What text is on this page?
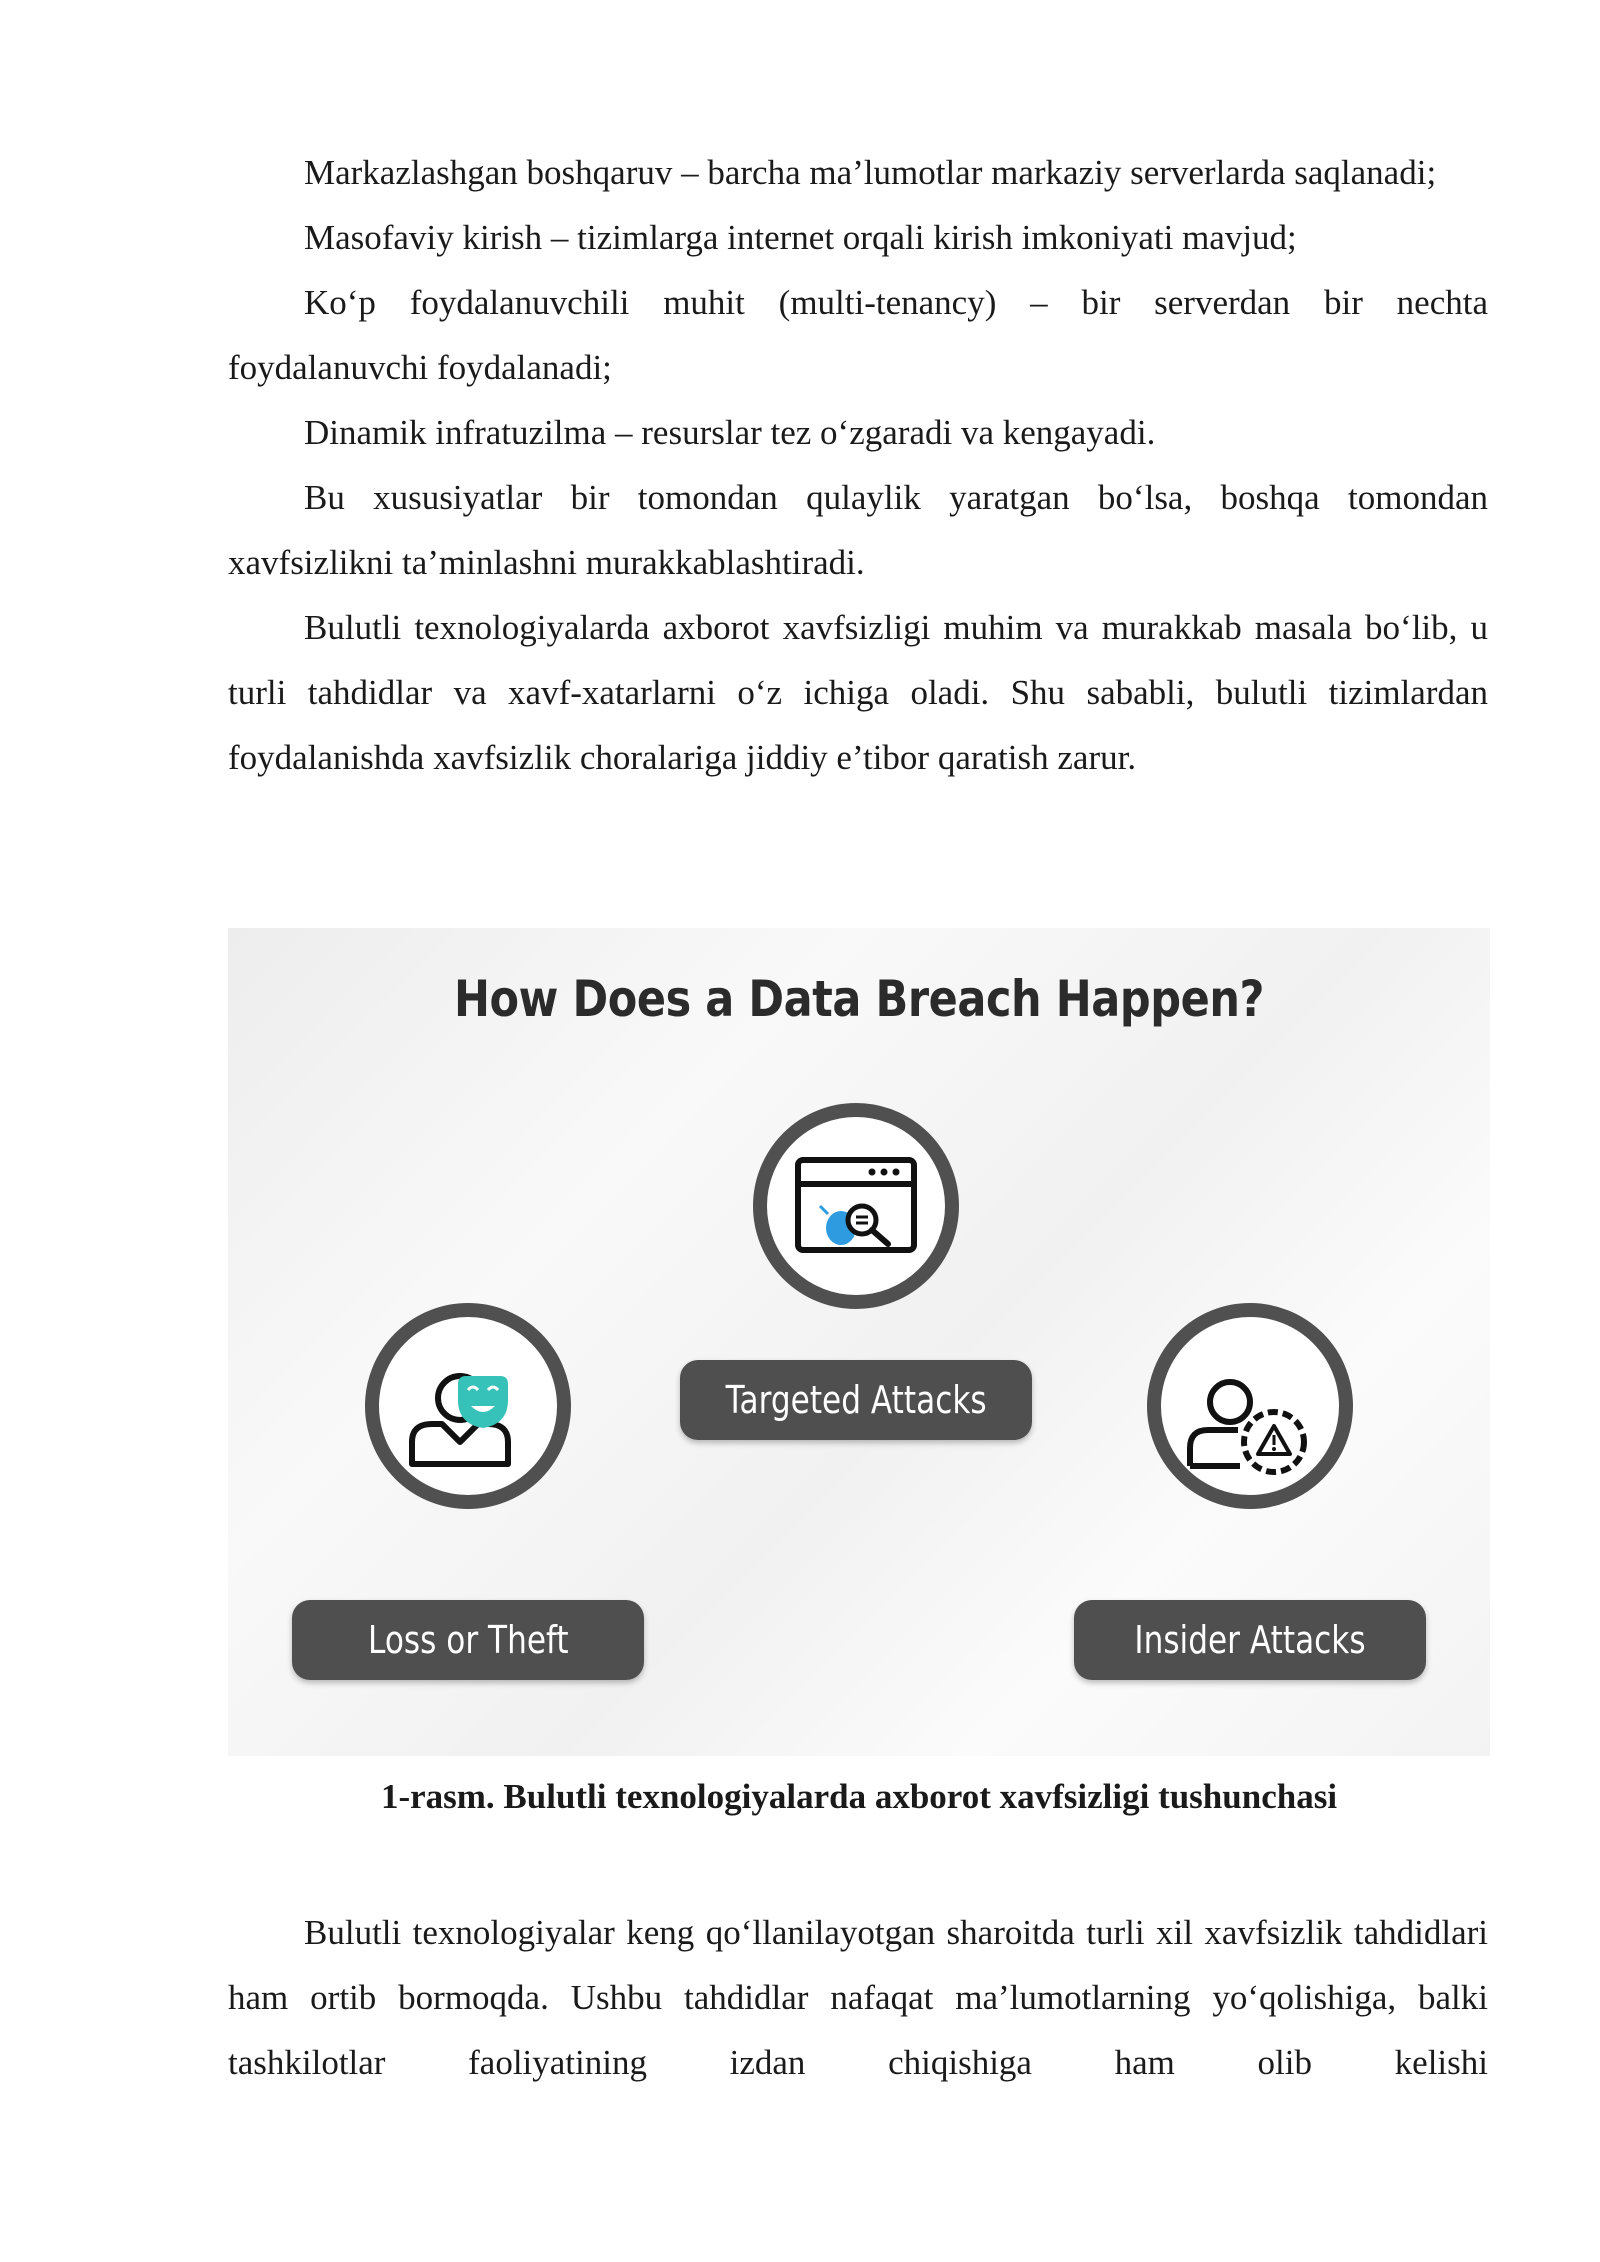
Markazlashgan boshqaruv – barcha ma’lumotlar markaziy serverlarda saqlanadi;

Masofaviy kirish – tizimlarga internet orqali kirish imkoniyati mavjud;

Ko‘p foydalanuvchili muhit (multi-tenancy) – bir serverdan bir nechta foydalanuvchi foydalanadi;

Dinamik infratuzilma – resurslar tez o‘zgaradi va kengayadi.

Bu xususiyatlar bir tomondan qulaylik yaratgan bo‘lsa, boshqa tomondan xavfsizlikni ta’minlashni murakkablashtiradi.

Bulutli texnologiyalarda axborot xavfsizligi muhim va murakkab masala bo‘lib, u turli tahdidlar va xavf-xatarlarni o‘z ichiga oladi. Shu sababli, bulutli tizimlardan foydalanishda xavfsizlik choralariga jiddiy e’tibor qaratish zarur.

How Does a Data Breach Happen?
Targeted Attacks
Loss or Theft	Insider Attacks
1-rasm. Bulutli texnologiyalarda axborot xavfsizligi tushunchasi

Bulutli texnologiyalar keng qo‘llanilayotgan sharoitda turli xil xavfsizlik tahdidlari ham ortib bormoqda. Ushbu tahdidlar nafaqat ma’lumotlarning yo‘qolishiga, balki tashkilotlar faoliyatining izdan chiqishiga ham olib kelishi
